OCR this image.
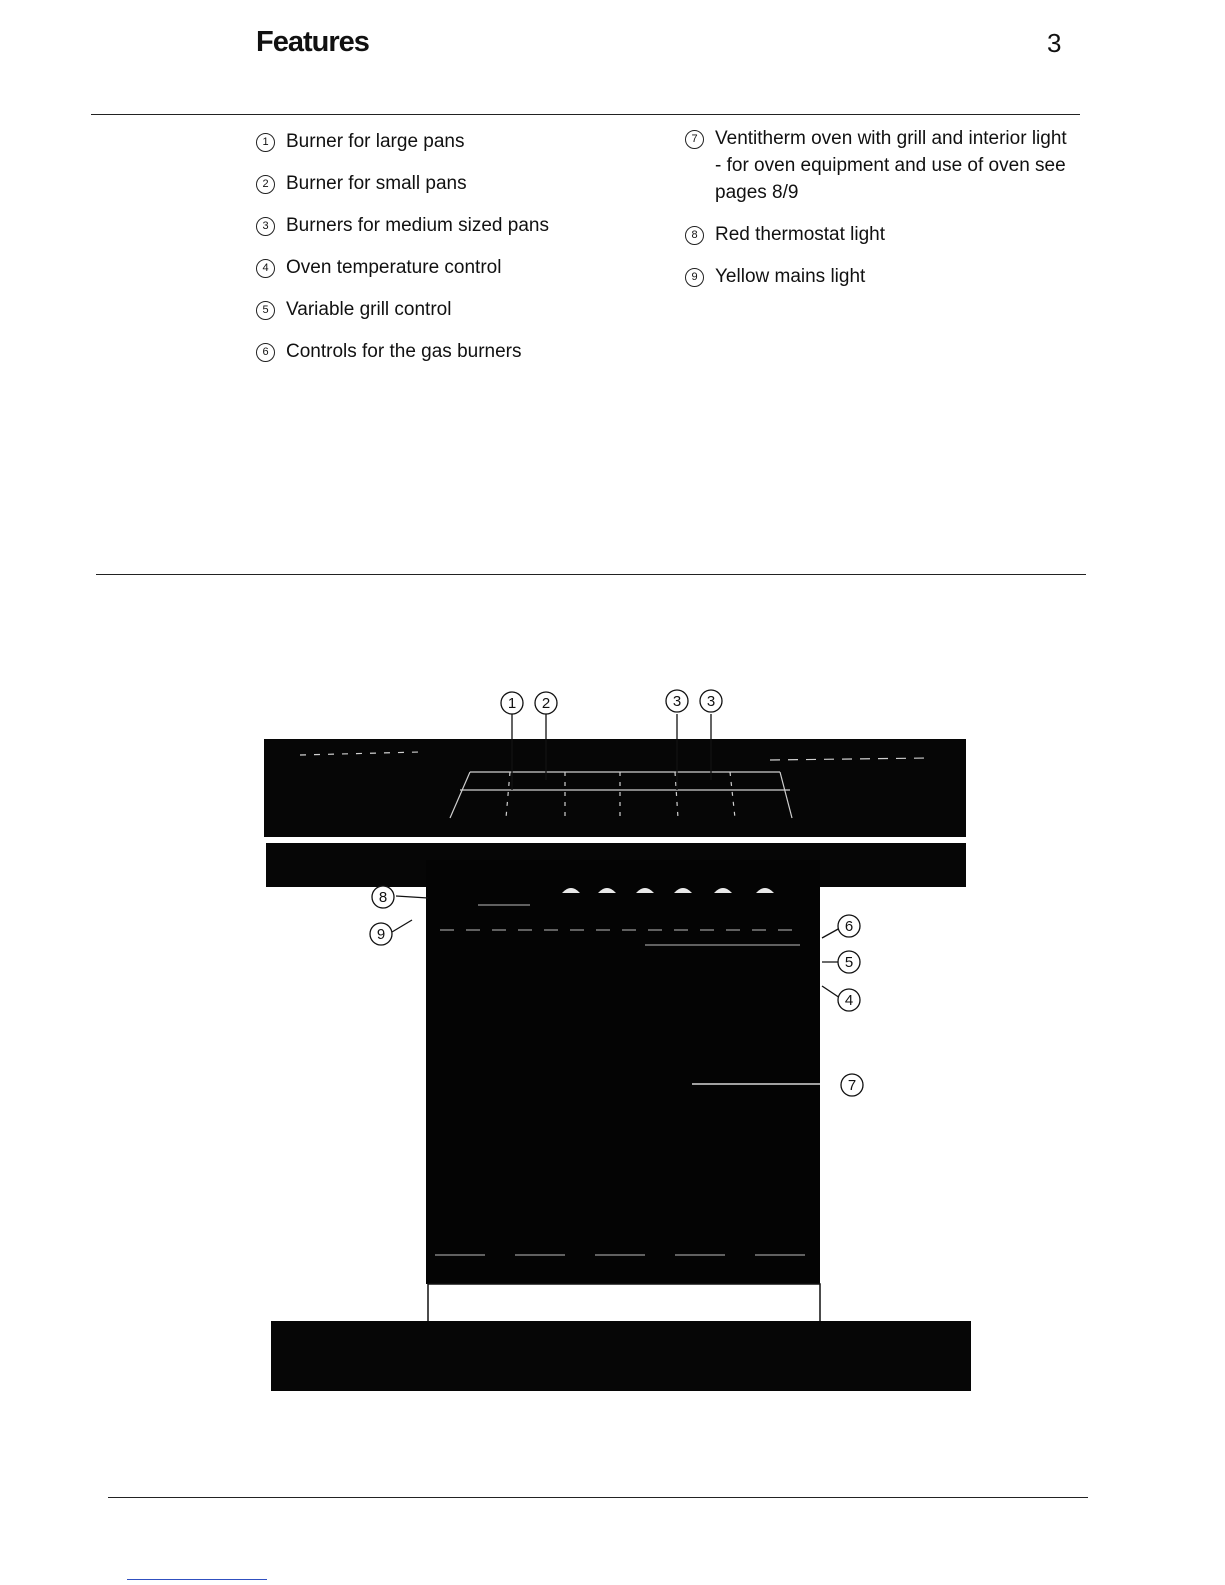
Features	3
1 Burner for large pans
2 Burner for small pans
3 Burners for medium sized pans
4 Oven temperature control
5 Variable grill control
6 Controls for the gas burners
7 Ventitherm oven with grill and interior light - for oven equipment and use of oven see pages 8/9
8 Red thermostat light
9 Yellow mains light
1 2	3 3
8
9	6
5
4
7
